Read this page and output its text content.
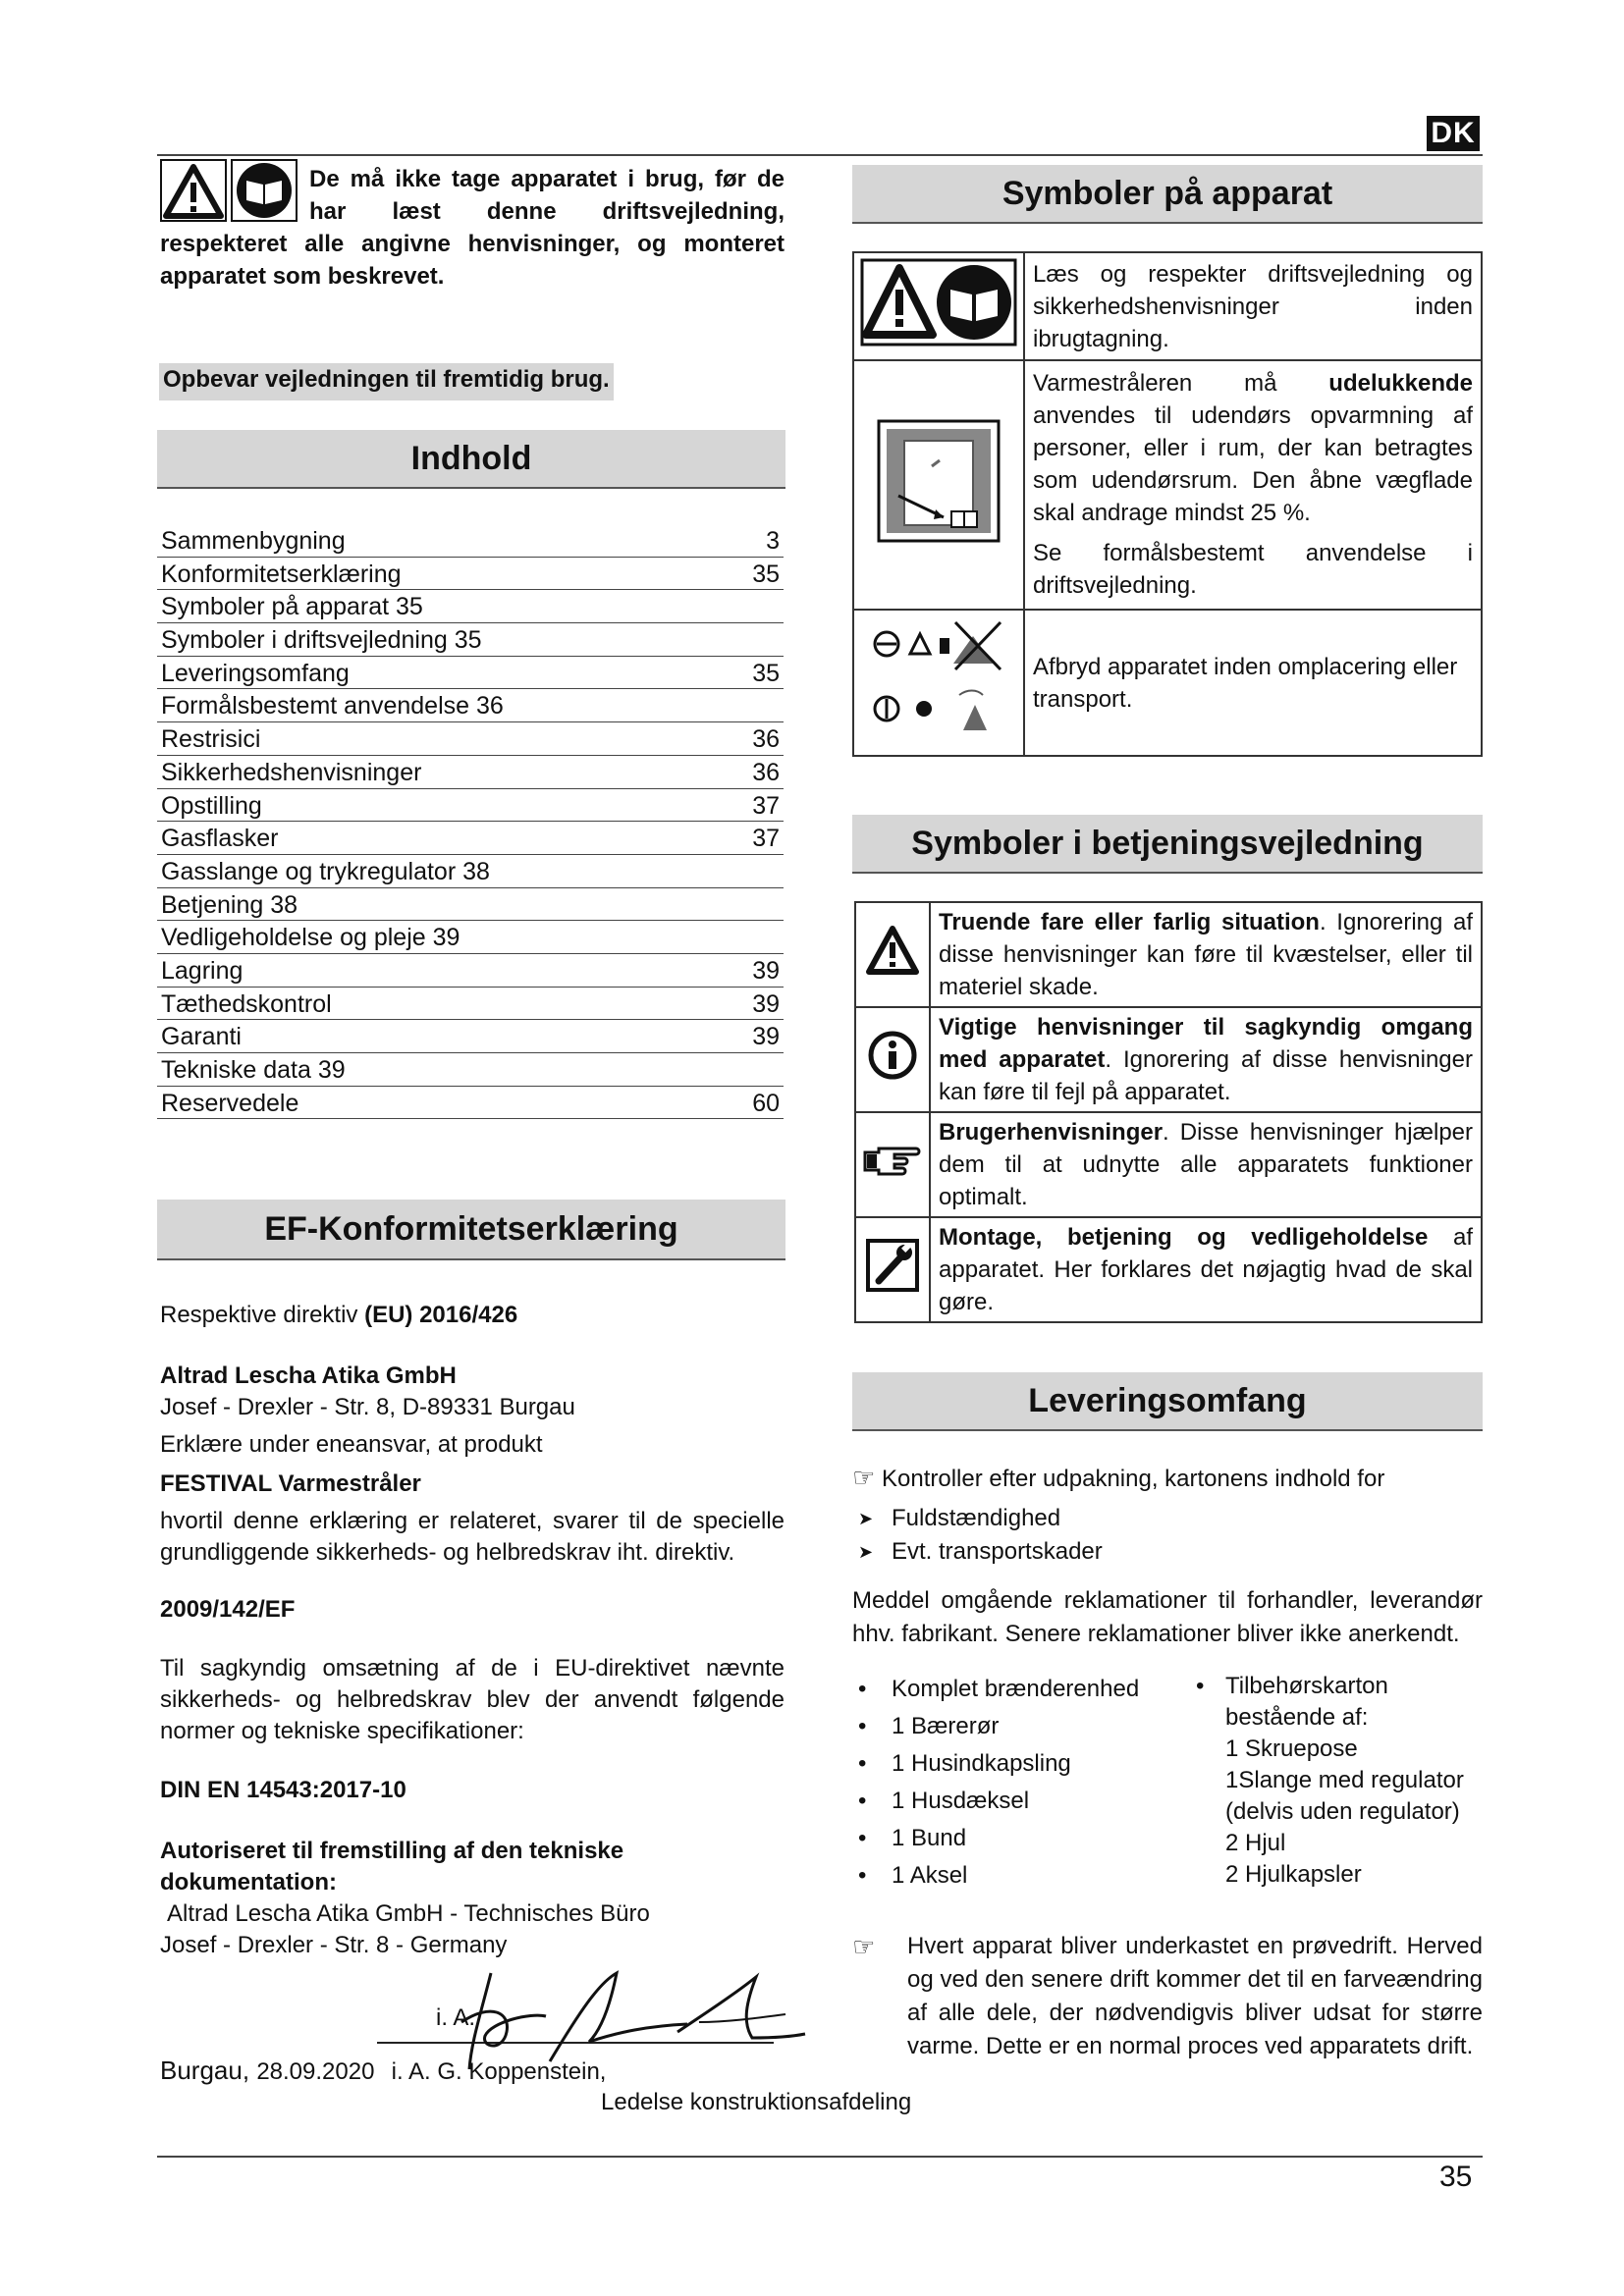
DK
De må ikke tage apparatet i brug, før de har læst denne driftsvejledning, respekteret alle angivne henvisninger, og monteret apparatet som beskrevet.
Opbevar vejledningen til fremtidig brug.
Indhold
Sammenbygning	3
Konformitetserklæring	35
Symboler på apparat 35
Symboler i driftsvejledning 35
Leveringsomfang	35
Formålsbestemt anvendelse 36
Restrisici	36
Sikkerhedshenvisninger	36
Opstilling	37
Gasflasker	37
Gasslange og trykregulator 38
Betjening 38
Vedligeholdelse og pleje 39
Lagring	39
Tæthedskontrol	39
Garanti	39
Tekniske data 39
Reservedele	60
EF-Konformitetserklæring
Respektive direktiv (EU) 2016/426
Altrad Lescha Atika GmbH
Josef - Drexler - Str. 8, D-89331 Burgau
Erklære under eneansvar, at produkt
FESTIVAL Varmestråler
hvortil denne erklæring er relateret, svarer til de specielle grundliggende sikkerheds- og helbredskrav iht. direktiv.
2009/142/EF
Til sagkyndig omsætning af de i EU-direktivet nævnte sikkerheds- og helbredskrav blev der anvendt følgende normer og tekniske specifikationer:
DIN EN 14543:2017-10
Autoriseret til fremstilling af den tekniske dokumentation:
Altrad Lescha Atika GmbH - Technisches Büro
Josef - Drexler - Str. 8 - Germany
i. A.
Burgau, 28.09.2020 i. A. G. Koppenstein,
Ledelse konstruktionsafdeling
Symboler på apparat
	Læs og respekter driftsvejledning og sikkerhedshenvisninger inden ibrugtagning.

Varmestråleren må udelukkende anvendes til udendørs opvarmning af personer, eller i rum, der kan betragtes som udendørsrum. Den åbne vægflade skal andrage mindst 25 %.
Se formålsbestemt anvendelse i driftsvejledning.

	Afbryd apparatet inden omplacering eller transport.
Symboler i betjeningsvejledning
	Truende fare eller farlig situation. Ignorering af disse henvisninger kan føre til kvæstelser, eller til materiel skade.
	Vigtige henvisninger til sagkyndig omgang med apparatet. Ignorering af disse henvisninger kan føre til fejl på apparatet.
	Brugerhenvisninger. Disse henvisninger hjælper dem til at udnytte alle apparatets funktioner optimalt.
	Montage, betjening og vedligeholdelse af apparatet. Her forklares det nøjagtig hvad de skal gøre.
Leveringsomfang
☞ Kontroller efter udpakning, kartonens indhold for
➤ Fuldstændighed
➤ Evt. transportskader
Meddel omgående reklamationer til forhandler, leverandør hhv. fabrikant. Senere reklamationer bliver ikke anerkendt.
• Komplet brænderenhed
• 1 Bærerør
• 1 Husindkapsling
• 1 Husdæksel
• 1 Bund
• 1 Aksel
• Tilbehørskarton bestående af:
1 Skruepose
1Slange med regulator (delvis uden regulator)
2 Hjul
2 Hjulkapsler
☞ Hvert apparat bliver underkastet en prøvedrift. Herved og ved den senere drift kommer det til en farveændring af alle dele, der nødvendigvis bliver udsat for større varme. Dette er en normal proces ved apparatets drift.
35
